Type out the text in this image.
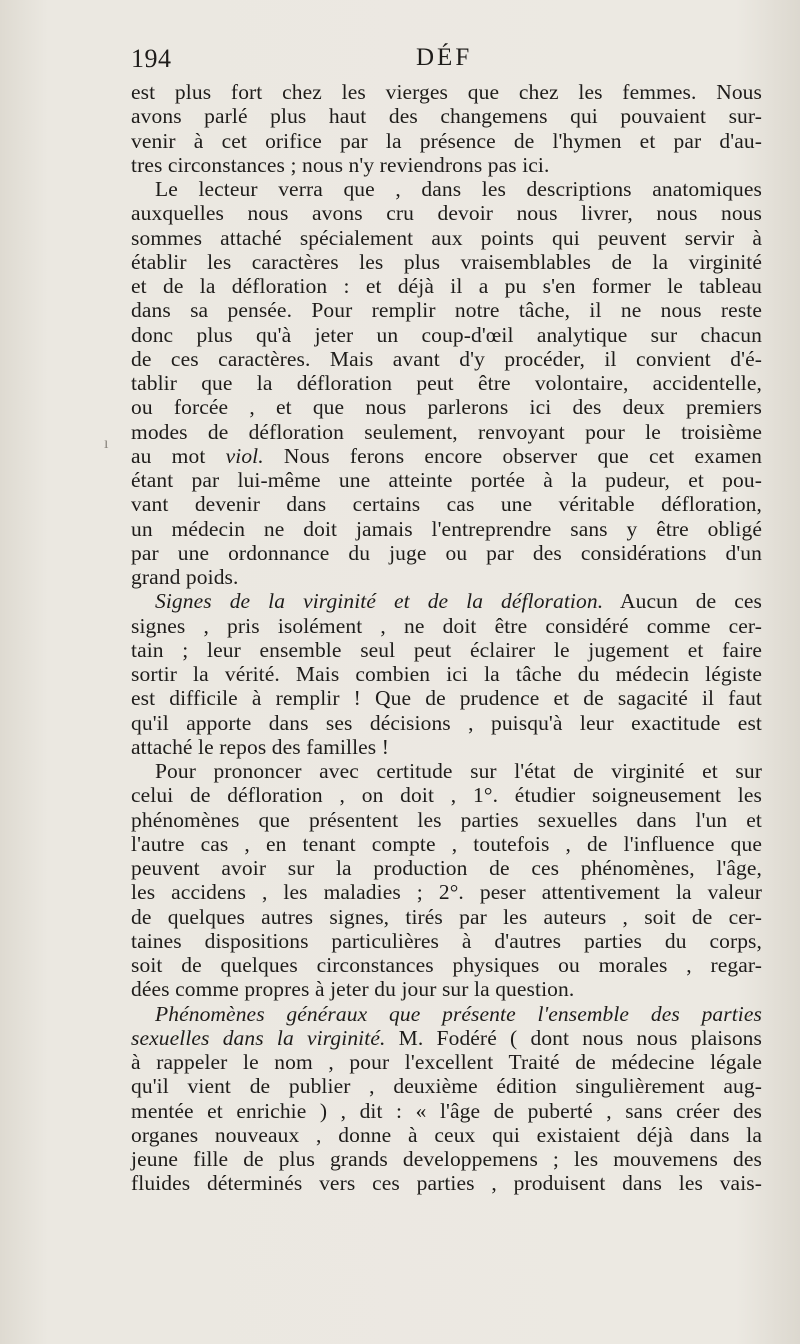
194	DÉF
ı
est plus fort chez les vierges que chez les femmes. Nous
avons parlé plus haut des changemens qui pouvaient sur-
venir à cet orifice par la présence de l'hymen et par d'au-
tres circonstances ; nous n'y reviendrons pas ici.
Le lecteur verra que , dans les descriptions anatomiques
auxquelles nous avons cru devoir nous livrer, nous nous
sommes attaché spécialement aux points qui peuvent servir à
établir les caractères les plus vraisemblables de la virginité
et de la défloration : et déjà il a pu s'en former le tableau
dans sa pensée. Pour remplir notre tâche, il ne nous reste
donc plus qu'à jeter un coup-d'œil analytique sur chacun
de ces caractères. Mais avant d'y procéder, il convient d'é-
tablir que la défloration peut être volontaire, accidentelle,
ou forcée , et que nous parlerons ici des deux premiers
modes de défloration seulement, renvoyant pour le troisième
au mot viol. Nous ferons encore observer que cet examen
étant par lui-même une atteinte portée à la pudeur, et pou-
vant devenir dans certains cas une véritable défloration,
un médecin ne doit jamais l'entreprendre sans y être obligé
par une ordonnance du juge ou par des considérations d'un
grand poids.
Signes de la virginité et de la défloration. Aucun de ces
signes , pris isolément , ne doit être considéré comme cer-
tain ; leur ensemble seul peut éclairer le jugement et faire
sortir la vérité. Mais combien ici la tâche du médecin légiste
est difficile à remplir ! Que de prudence et de sagacité il faut
qu'il apporte dans ses décisions , puisqu'à leur exactitude est
attaché le repos des familles !
Pour prononcer avec certitude sur l'état de virginité et sur
celui de défloration , on doit , 1°. étudier soigneusement les
phénomènes que présentent les parties sexuelles dans l'un et
l'autre cas , en tenant compte , toutefois , de l'influence que
peuvent avoir sur la production de ces phénomènes, l'âge,
les accidens , les maladies ; 2°. peser attentivement la valeur
de quelques autres signes, tirés par les auteurs , soit de cer-
taines dispositions particulières à d'autres parties du corps,
soit de quelques circonstances physiques ou morales , regar-
dées comme propres à jeter du jour sur la question.
Phénomènes généraux que présente l'ensemble des parties
sexuelles dans la virginité. M. Fodéré ( dont nous nous plaisons
à rappeler le nom , pour l'excellent Traité de médecine légale
qu'il vient de publier , deuxième édition singulièrement aug-
mentée et enrichie ) , dit : « l'âge de puberté , sans créer des
organes nouveaux , donne à ceux qui existaient déjà dans la
jeune fille de plus grands developpemens ; les mouvemens des
fluides déterminés vers ces parties , produisent dans les vais-
